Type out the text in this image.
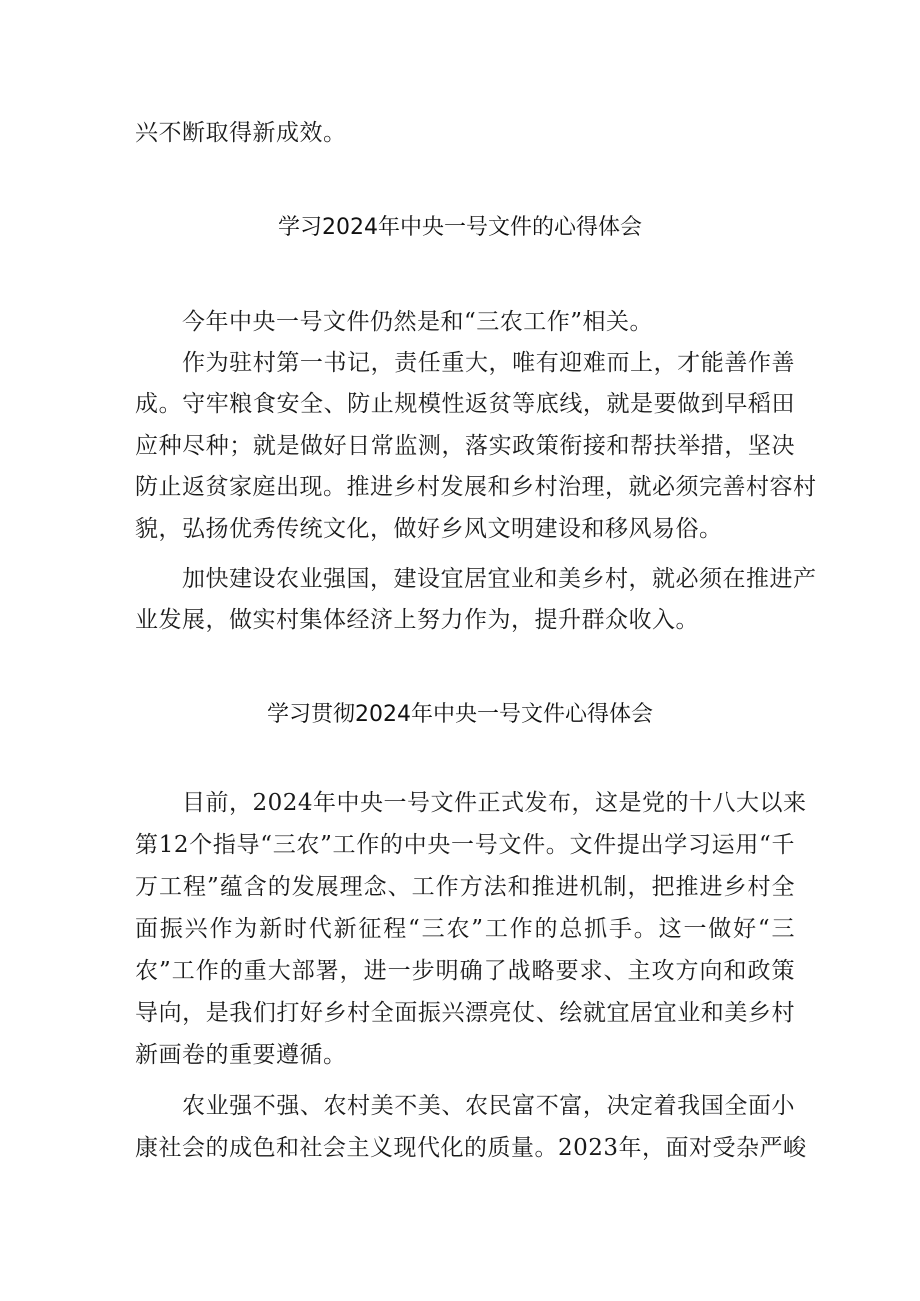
兴不断取得新成效。
学习2024年中央一号文件的心得体会
今年中央一号文件仍然是和“三农工作”相关。
作为驻村第一书记，责任重大，唯有迎难而上，才能善作善
成。守牢粮食安全、防止规模性返贫等底线，就是要做到早稻田
应种尽种；就是做好日常监测，落实政策衔接和帮扶举措，坚决
防止返贫家庭出现。推进乡村发展和乡村治理，就必须完善村容村
貌，弘扬优秀传统文化，做好乡风文明建设和移风易俗。
加快建设农业强国，建设宜居宜业和美乡村，就必须在推进产
业发展，做实村集体经济上努力作为，提升群众收入。
学习贯彻2024年中央一号文件心得体会
目前，2024年中央一号文件正式发布，这是党的十八大以来
第12个指导“三农”工作的中央一号文件。文件提出学习运用“千
万工程”蕴含的发展理念、工作方法和推进机制，把推进乡村全
面振兴作为新时代新征程“三农”工作的总抓手。这一做好“三
农”工作的重大部署，进一步明确了战略要求、主攻方向和政策
导向，是我们打好乡村全面振兴漂亮仗、绘就宜居宜业和美乡村
新画卷的重要遵循。
农业强不强、农村美不美、农民富不富，决定着我国全面小
康社会的成色和社会主义现代化的质量。2023年，面对受杂严峻
